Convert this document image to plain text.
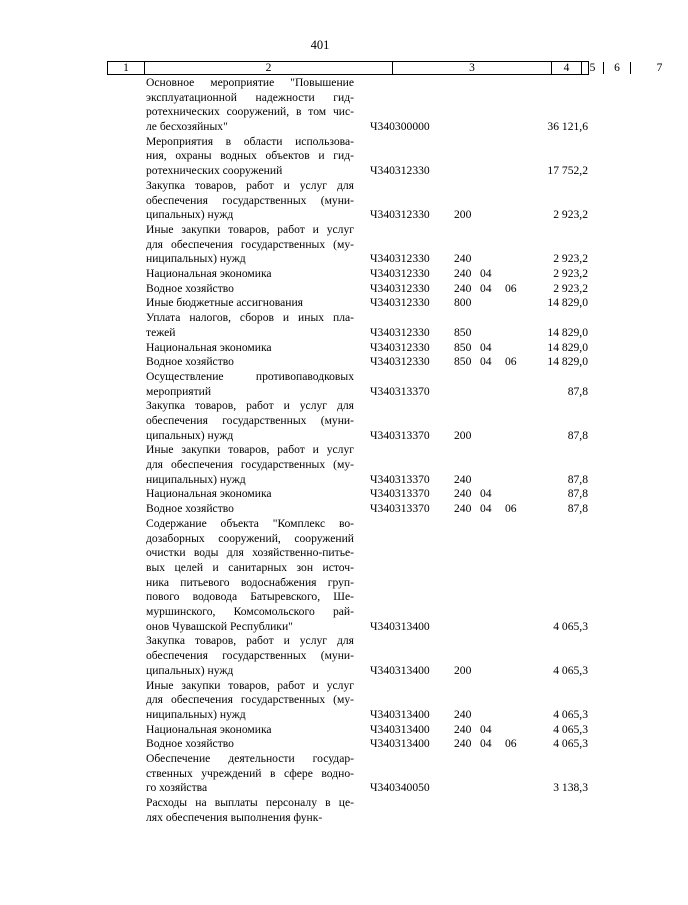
401
1	2	3	4	5	6	7
Основное мероприятие "Повышение
эксплуатационной надежности гид-
ротехнических сооружений, в том чис-
ле бесхозяйных"	Ч340300000	36 121,6
Мероприятия в области использова-
ния, охраны водных объектов и гид-
ротехнических сооружений	Ч340312330	17 752,2
Закупка товаров, работ и услуг для
обеспечения государственных (муни-
ципальных) нужд	Ч340312330 200	2 923,2
Иные закупки товаров, работ и услуг
для обеспечения государственных (му-
ниципальных) нужд	Ч340312330 240	2 923,2
Национальная экономика	Ч340312330 240 04	2 923,2
Водное хозяйство	Ч340312330 240 04 06	2 923,2
Иные бюджетные ассигнования	Ч340312330 800	14 829,0
Уплата налогов, сборов и иных пла-
тежей	Ч340312330 850	14 829,0
Национальная экономика	Ч340312330 850 04	14 829,0
Водное хозяйство	Ч340312330 850 04 06	14 829,0
Осуществление противопаводковых
мероприятий	Ч340313370	87,8
Закупка товаров, работ и услуг для
обеспечения государственных (муни-
ципальных) нужд	Ч340313370 200	87,8
Иные закупки товаров, работ и услуг
для обеспечения государственных (му-
ниципальных) нужд	Ч340313370 240	87,8
Национальная экономика	Ч340313370 240 04	87,8
Водное хозяйство	Ч340313370 240 04 06	87,8
Содержание объекта "Комплекс во-
дозаборных сооружений, сооружений
очистки воды для хозяйственно-питье-
вых целей и санитарных зон источ-
ника питьевого водоснабжения груп-
пового водовода Батыревского, Ше-
муршинского, Комсомольского рай-
онов Чувашской Республики"	Ч340313400	4 065,3
Закупка товаров, работ и услуг для
обеспечения государственных (муни-
ципальных) нужд	Ч340313400 200	4 065,3
Иные закупки товаров, работ и услуг
для обеспечения государственных (му-
ниципальных) нужд	Ч340313400 240	4 065,3
Национальная экономика	Ч340313400 240 04	4 065,3
Водное хозяйство	Ч340313400 240 04 06	4 065,3
Обеспечение деятельности государ-
ственных учреждений в сфере водно-
го хозяйства	Ч340340050	3 138,3
Расходы на выплаты персоналу в це-
лях обеспечения выполнения функ-
